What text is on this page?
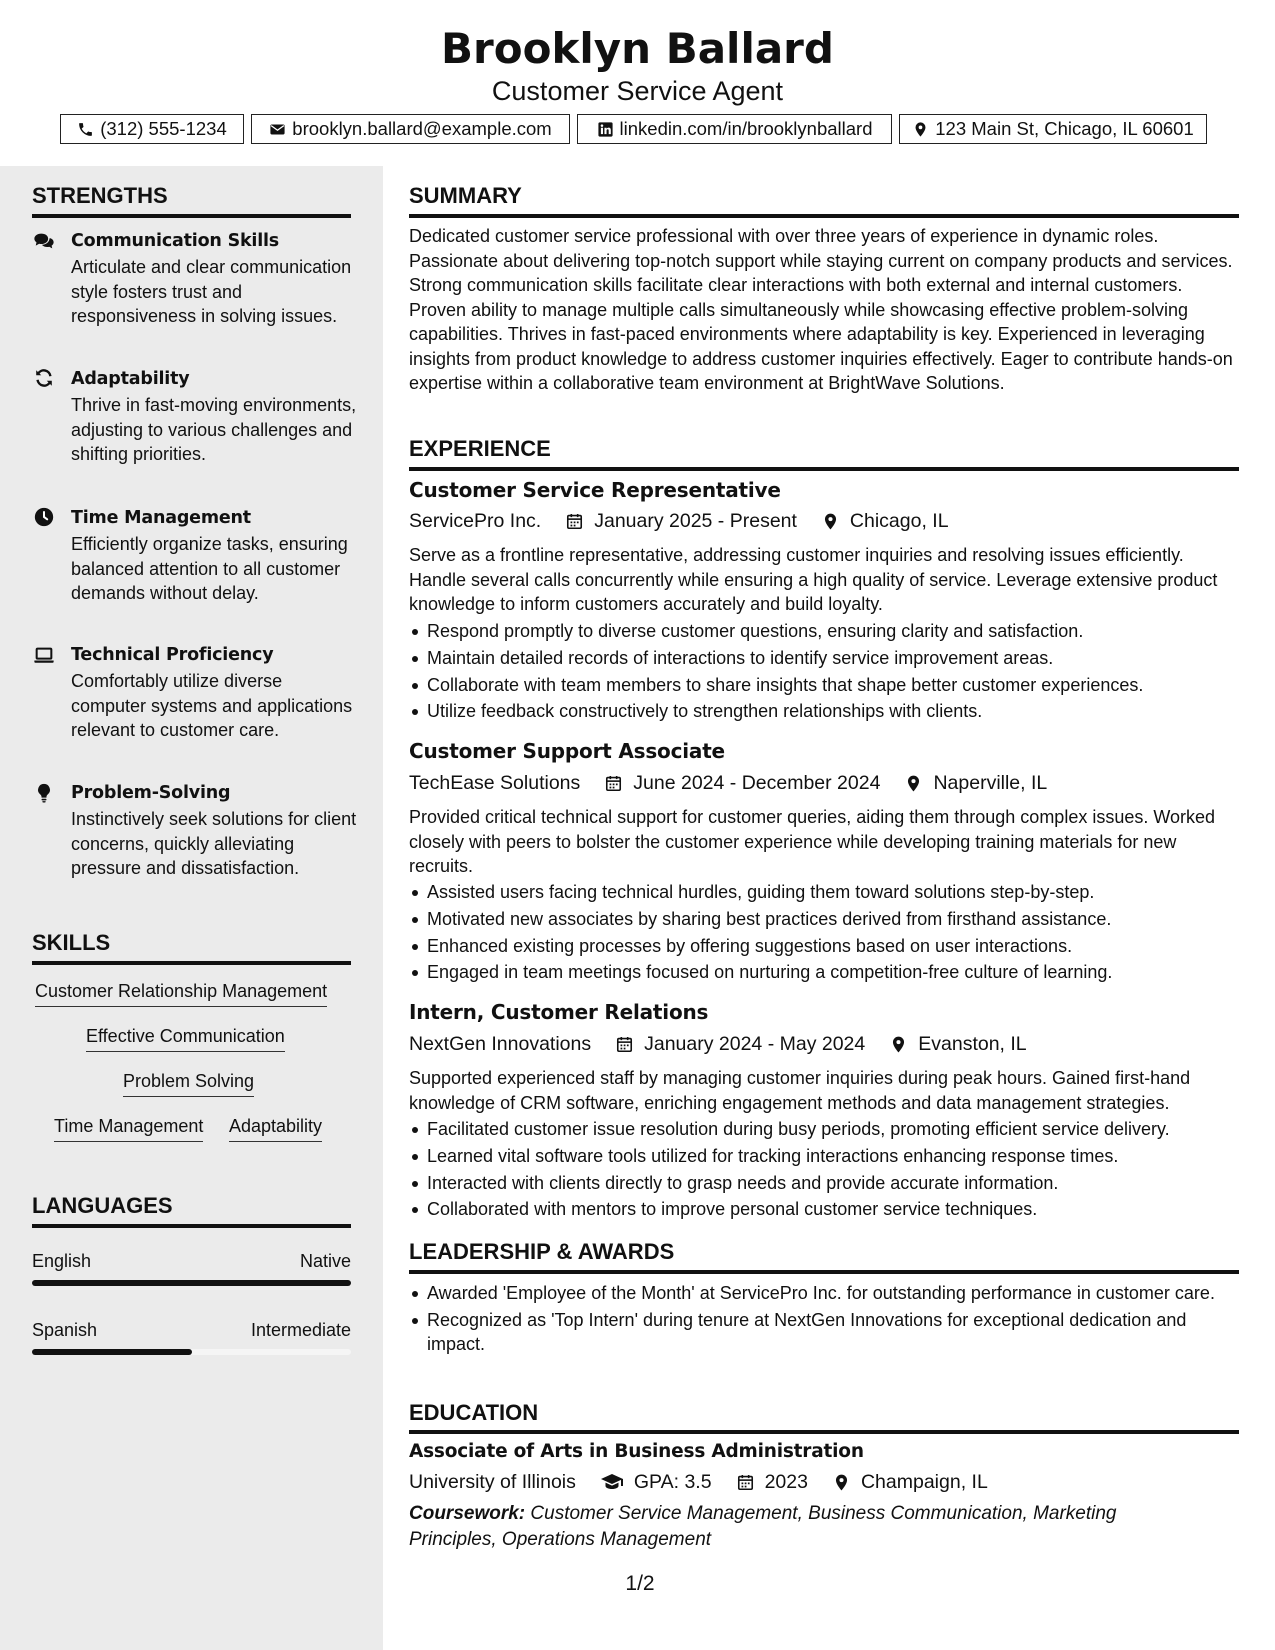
Brooklyn Ballard
Customer Service Agent
(312) 555-1234	brooklyn.ballard@example.com	linkedin.com/in/brooklynballard	123 Main St, Chicago, IL 60601
STRENGTHS
Communication Skills
Articulate and clear communication style fosters trust and responsiveness in solving issues.
Adaptability
Thrive in fast-moving environments, adjusting to various challenges and shifting priorities.
Time Management
Efficiently organize tasks, ensuring balanced attention to all customer demands without delay.
Technical Proficiency
Comfortably utilize diverse computer systems and applications relevant to customer care.
Problem-Solving
Instinctively seek solutions for client concerns, quickly alleviating pressure and dissatisfaction.
SKILLS
Customer Relationship Management
Effective Communication
Problem Solving
Time Management Adaptability
LANGUAGES
English	Native
Spanish	Intermediate
SUMMARY

Dedicated customer service professional with over three years of experience in dynamic roles. Passionate about delivering top-notch support while staying current on company products and services. Strong communication skills facilitate clear interactions with both external and internal customers. Proven ability to manage multiple calls simultaneously while showcasing effective problem-solving capabilities. Thrives in fast-paced environments where adaptability is key. Experienced in leveraging insights from product knowledge to address customer inquiries effectively. Eager to contribute hands-on expertise within a collaborative team environment at BrightWave Solutions.

EXPERIENCE
Customer Service Representative
ServicePro Inc.	January 2025 - Present	Chicago, IL

Serve as a frontline representative, addressing customer inquiries and resolving issues efficiently. Handle several calls concurrently while ensuring a high quality of service. Leverage extensive product knowledge to inform customers accurately and build loyalty.

Respond promptly to diverse customer questions, ensuring clarity and satisfaction.
Maintain detailed records of interactions to identify service improvement areas.
Collaborate with team members to share insights that shape better customer experiences.
Utilize feedback constructively to strengthen relationships with clients.
Customer Support Associate
TechEase Solutions	June 2024 - December 2024	Naperville, IL

Provided critical technical support for customer queries, aiding them through complex issues. Worked closely with peers to bolster the customer experience while developing training materials for new recruits.

Assisted users facing technical hurdles, guiding them toward solutions step-by-step.
Motivated new associates by sharing best practices derived from firsthand assistance.
Enhanced existing processes by offering suggestions based on user interactions.
Engaged in team meetings focused on nurturing a competition-free culture of learning.
Intern, Customer Relations
NextGen Innovations	January 2024 - May 2024	Evanston, IL

Supported experienced staff by managing customer inquiries during peak hours. Gained first-hand knowledge of CRM software, enriching engagement methods and data management strategies.

Facilitated customer issue resolution during busy periods, promoting efficient service delivery.
Learned vital software tools utilized for tracking interactions enhancing response times.
Interacted with clients directly to grasp needs and provide accurate information.
Collaborated with mentors to improve personal customer service techniques.
LEADERSHIP & AWARDS
Awarded 'Employee of the Month' at ServicePro Inc. for outstanding performance in customer care.
Recognized as 'Top Intern' during tenure at NextGen Innovations for exceptional dedication and impact.
EDUCATION
Associate of Arts in Business Administration
University of Illinois	GPA: 3.5	2023	Champaign, IL
Coursework: Customer Service Management, Business Communication, Marketing Principles, Operations Management
1/2
